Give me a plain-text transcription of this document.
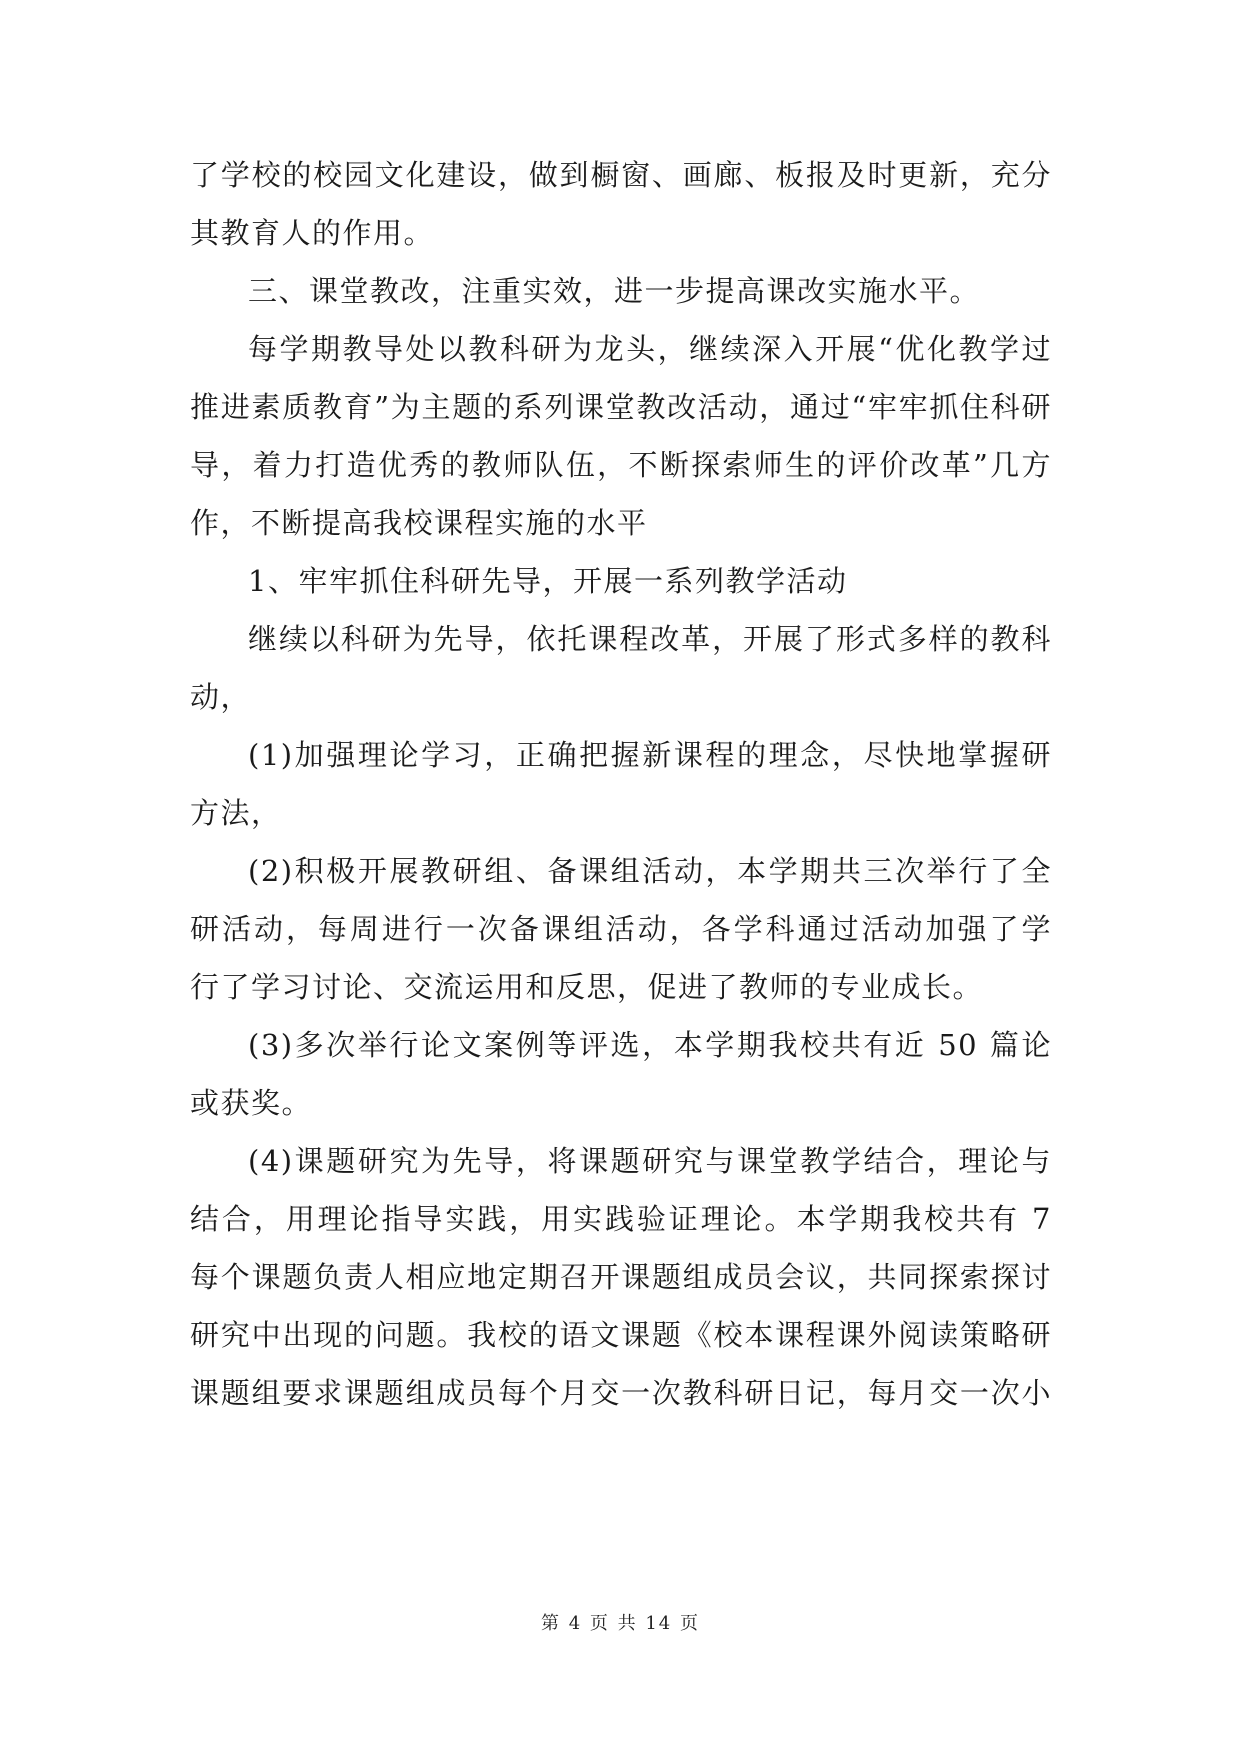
了学校的校园文化建设，做到橱窗、画廊、板报及时更新，充分
其教育人的作用。
三、课堂教改，注重实效，进一步提高课改实施水平。
每学期教导处以教科研为龙头，继续深入开展“优化教学过
推进素质教育”为主题的系列课堂教改活动，通过“牢牢抓住科研
导，着力打造优秀的教师队伍，不断探索师生的评价改革”几方
作，不断提高我校课程实施的水平
1、牢牢抓住科研先导，开展一系列教学活动
继续以科研为先导，依托课程改革，开展了形式多样的教科
动，
(1)加强理论学习，正确把握新课程的理念，尽快地掌握研
方法，
(2)积极开展教研组、备课组活动，本学期共三次举行了全
研活动，每周进行一次备课组活动，各学科通过活动加强了学
行了学习讨论、交流运用和反思，促进了教师的专业成长。
(3)多次举行论文案例等评选，本学期我校共有近 50 篇论
或获奖。
(4)课题研究为先导，将课题研究与课堂教学结合，理论与
结合，用理论指导实践，用实践验证理论。本学期我校共有 7
每个课题负责人相应地定期召开课题组成员会议，共同探索探讨
研究中出现的问题。我校的语文课题《校本课程课外阅读策略研
课题组要求课题组成员每个月交一次教科研日记，每月交一次小
第 4 页 共 14 页
